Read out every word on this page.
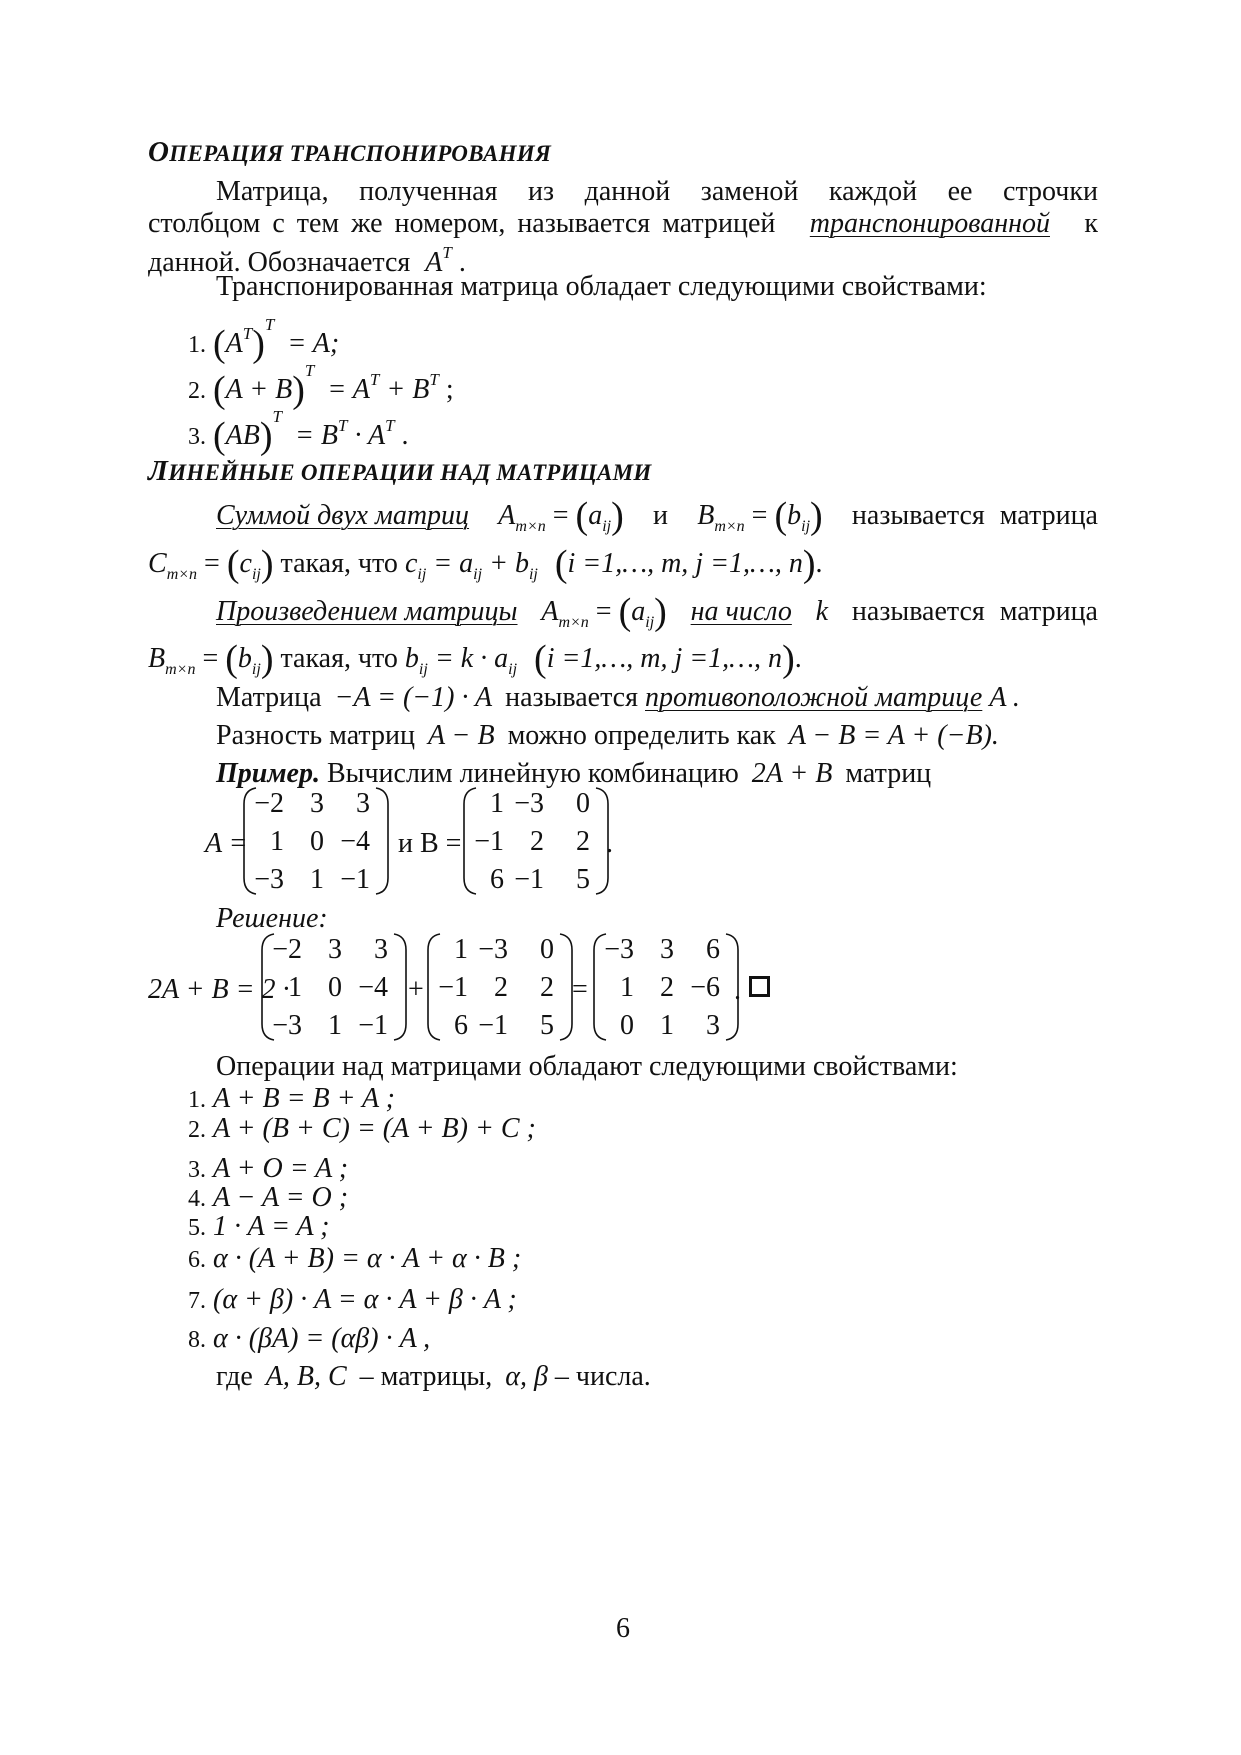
ОПЕРАЦИЯ ТРАНСПОНИРОВАНИЯ
Матрица, полученная из данной заменой каждой ее строчки
столбцом с тем же номером, называется матрицей транспонированной к
данной. Обозначается $A^T$ .
Транспонированная матрица обладает следующими свойствами:
1. $(A^T)^T = A$;
2. $(A + B)^T = A^T + B^T$ ;
3. $(AB)^T = B^T \cdot A^T$ .
ЛИНЕЙНЫЕ ОПЕРАЦИИ НАД МАТРИЦАМИ
Суммой двух матриц $A_{m\times n} = (a_{ij})$ и $B_{m\times n} = (b_{ij})$ называется матрица
$C_{m\times n} = (c_{ij})$ такая, что $c_{ij} = a_{ij} + b_{ij}$ (i =1,…, m, j =1,…, n).
Произведением матрицы $A_{m\times n} = (a_{ij})$ на число k называется матрица
$B_{m\times n} = (b_{ij})$ такая, что $b_{ij} = k \cdot a_{ij}$ (i =1,…, m, j =1,…, n).
Матрица −A = (−1) · A называется противоположной матрице A .
Разность матриц A − B можно определить как A − B = A + (−B).
Пример. Вычислим линейную комбинацию 2A + B матриц
A =
−2 3	3
1 0 −4
−3 1 −1
и B =
1 −3	0
−1 2	2
6 −1	5
.
Решение:
2A + B = 2 ·
−2 3	3
1 0 −4
−3 1 −1
+
1 −3	0
−1 2	2
6 −1	5
=
−3 3	6
1 2 −6
0 1	3
.
Операции над матрицами обладают следующими свойствами:
1. A + B = B + A ;
2. A + (B + C) = (A + B) + C ;
3. A + O = A ;
4. A − A = O ;
5. 1 · A = A ;
6. α · (A + B) = α · A + α · B ;
7. (α + β) · A = α · A + β · A ;
8. α · (βA) = (αβ) · A ,
где A, B, C – матрицы, α, β – числа.
6
